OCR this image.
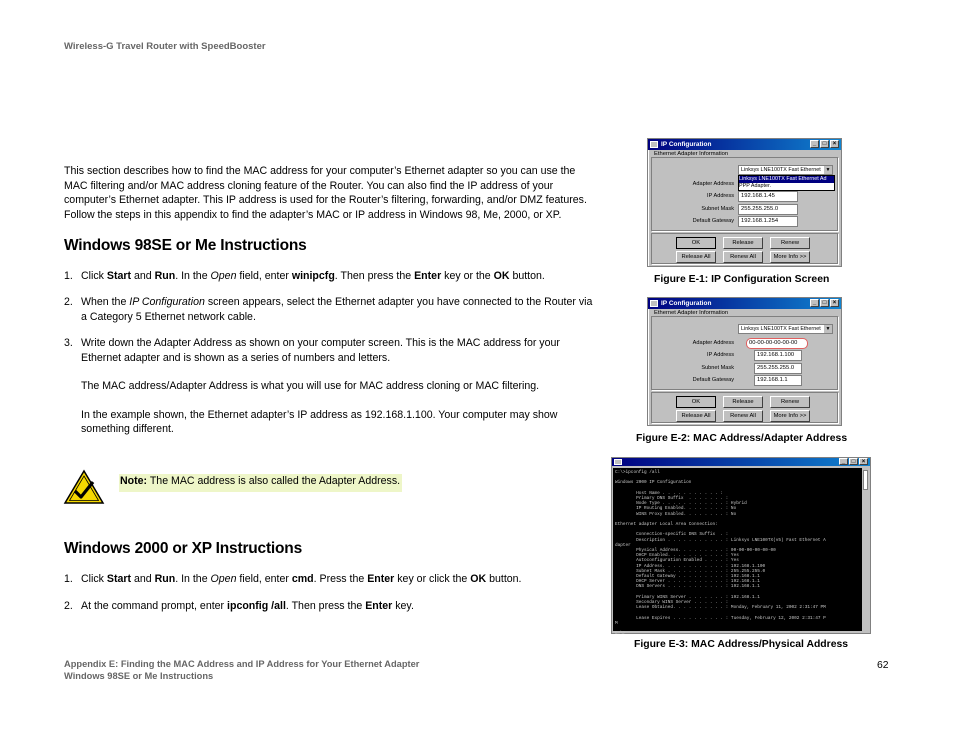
Wireless-G Travel Router with SpeedBooster

This section describes how to find the MAC address for your computer’s Ethernet adapter so you can use the MAC filtering and/or MAC address cloning feature of the Router. You can also find the IP address of your computer’s Ethernet adapter. This IP address is used for the Router’s filtering, forwarding, and/or DMZ features. Follow the steps in this appendix to find the adapter’s MAC or IP address in Windows 98, Me, 2000, or XP.

Windows 98SE or Me Instructions
1. Click Start and Run. In the Open field, enter winipcfg. Then press the Enter key or the OK button.
2. When the IP Configuration screen appears, select the Ethernet adapter you have connected to the Router via a Category 5 Ethernet network cable.
3. Write down the Adapter Address as shown on your computer screen. This is the MAC address for your Ethernet adapter and is shown as a series of numbers and letters.
The MAC address/Adapter Address is what you will use for MAC address cloning or MAC filtering.
In the example shown, the Ethernet adapter’s IP address as 192.168.1.100. Your computer may show something different.
Note: The MAC address is also called the Adapter Address.
Windows 2000 or XP Instructions
1. Click Start and Run. In the Open field, enter cmd. Press the Enter key or click the OK button.
2. At the command prompt, enter ipconfig /all. Then press the Enter key.
IP Configuration	_	□	×
Ethernet Adapter Information
Linksys LNE100TX Fast Ethernet ▼
Linksys LNE100TX Fast Ethernet Ad
PPP Adapter.
Adapter Address
IP Address	192.168.1.45
Subnet Mask	255.255.255.0
Default Gateway	192.168.1.254
OK	Release	Renew
Release All	Renew All	More Info >>
Figure E-1: IP Configuration Screen
IP Configuration	_	□	×
Ethernet Adapter Information
Linksys LNE100TX Fast Ethernet ▼
Adapter Address	00-00-00-00-00-00
IP Address	192.168.1.100
Subnet Mask	255.255.255.0
Default Gateway	192.168.1.1
OK	Release	Renew
Release All	Renew All	More Info >>
Figure E-2: MAC Address/Adapter Address
_	□	×
C:\>ipconfig /all

Windows 2000 IP Configuration

Host Name . . . . . . . . . . . :
Primary DNS Suffix  . . . . . . . :
Node Type . . . . . . . . . . . . : Hybrid
IP Routing Enabled. . . . . . . . : No
WINS Proxy Enabled. . . . . . . . : No

Ethernet adapter Local Area Connection:

Connection-specific DNS Suffix  . :
Description . . . . . . . . . . . : Linksys LNE100TX(v5) Fast Ethernet A
dapter
Physical Address. . . . . . . . . : 00-00-00-00-00-00
DHCP Enabled. . . . . . . . . . . : Yes
Autoconfiguration Enabled . . . . : Yes
IP Address. . . . . . . . . . . . : 192.168.1.100
Subnet Mask . . . . . . . . . . . : 255.255.255.0
Default Gateway . . . . . . . . . : 192.168.1.1
DHCP Server . . . . . . . . . . . : 192.168.1.1
DNS Servers . . . . . . . . . . . : 192.168.1.1

Primary WINS Server . . . . . . . : 192.168.1.1
Secondary WINS Server . . . . . . :
Lease Obtained. . . . . . . . . . : Monday, February 11, 2002 2:31:47 PM

Lease Expires . . . . . . . . . . : Tuesday, February 12, 2002 2:31:47 P
M

C:\>
Figure E-3: MAC Address/Physical Address
Appendix E: Finding the MAC Address and IP Address for Your Ethernet Adapter
Windows 98SE or Me Instructions
62
